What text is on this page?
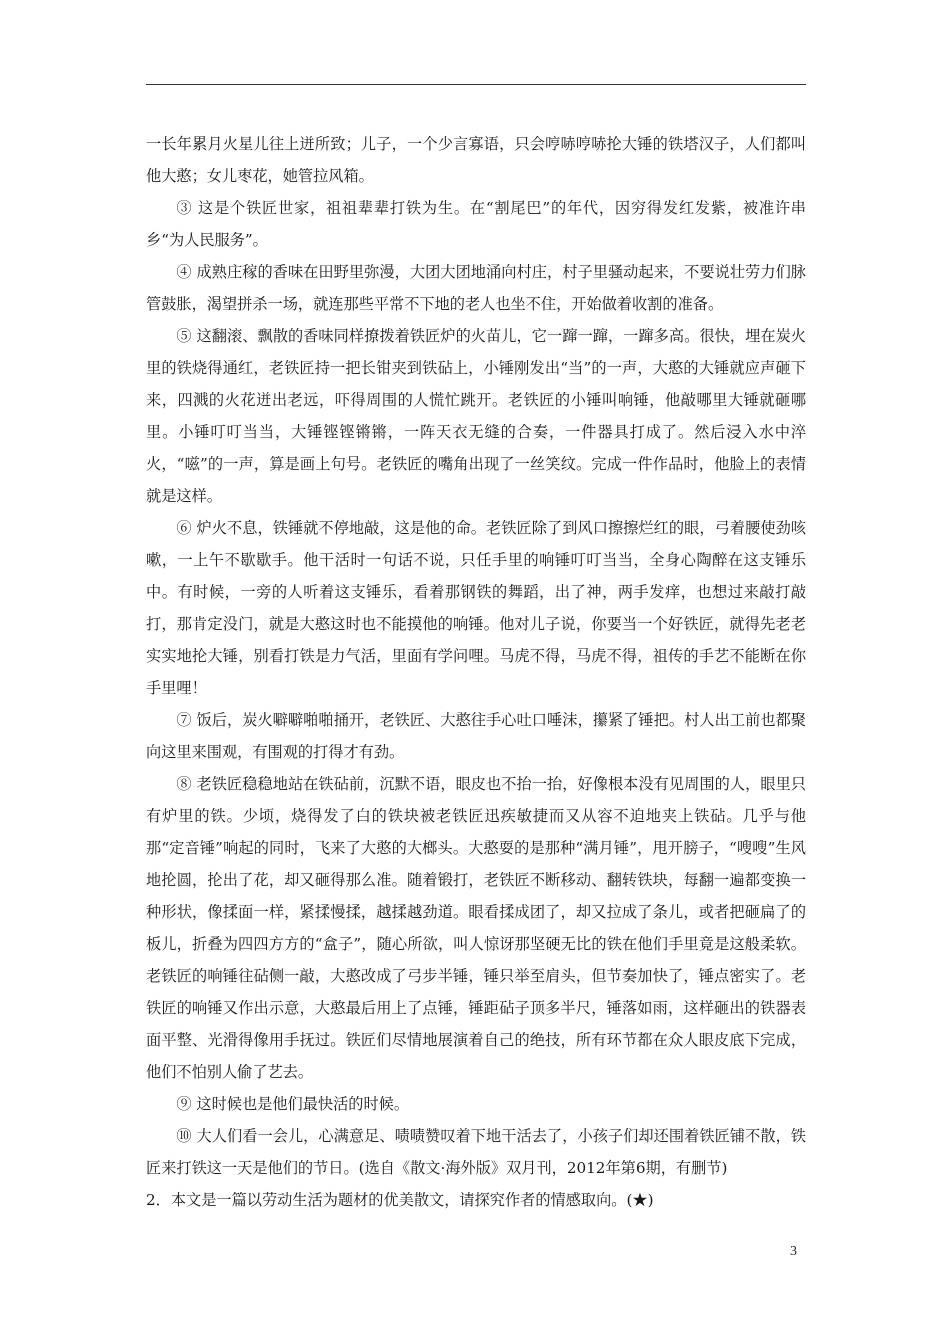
一长年累月火星儿往上迸所致；儿子，一个少言寡语，只会哼哧哼哧抡大锤的铁塔汉子，人们都叫他大憨；女儿枣花，她管拉风箱。

③ 这是个铁匠世家，祖祖辈辈打铁为生。在“割尾巴”的年代，因穷得发红发紫，被准许串乡“为人民服务”。

④ 成熟庄稼的香味在田野里弥漫，大团大团地涌向村庄，村子里骚动起来，不要说壮劳力们脉管鼓胀，渴望拼杀一场，就连那些平常不下地的老人也坐不住，开始做着收割的准备。

⑤ 这翻滚、飘散的香味同样撩拨着铁匠炉的火苗儿，它一蹿一蹿，一蹿多高。很快，埋在炭火里的铁烧得通红，老铁匠持一把长钳夹到铁砧上，小锤刚发出“当”的一声，大憨的大锤就应声砸下来，四溅的火花迸出老远，吓得周围的人慌忙跳开。老铁匠的小锤叫响锤，他敲哪里大锤就砸哪里。小锤叮叮当当，大锤铿铿锵锵，一阵天衣无缝的合奏，一件器具打成了。然后浸入水中淬火，“嗞”的一声，算是画上句号。老铁匠的嘴角出现了一丝笑纹。完成一件作品时，他脸上的表情就是这样。

⑥ 炉火不息，铁锤就不停地敲，这是他的命。老铁匠除了到风口擦擦烂红的眼，弓着腰使劲咳嗽，一上午不歇歇手。他干活时一句话不说，只任手里的响锤叮叮当当，全身心陶醉在这支锤乐中。有时候，一旁的人听着这支锤乐，看着那钢铁的舞蹈，出了神，两手发痒，也想过来敲打敲打，那肯定没门，就是大憨这时也不能摸他的响锤。他对儿子说，你要当一个好铁匠，就得先老老实实地抡大锤，别看打铁是力气活，里面有学问哩。马虎不得，马虎不得，祖传的手艺不能断在你手里哩！

⑦ 饭后，炭火噼噼啪啪捅开，老铁匠、大憨往手心吐口唾沫，攥紧了锤把。村人出工前也都聚向这里来围观，有围观的打得才有劲。

⑧ 老铁匠稳稳地站在铁砧前，沉默不语，眼皮也不抬一抬，好像根本没有见周围的人，眼里只有炉里的铁。少顷，烧得发了白的铁块被老铁匠迅疾敏捷而又从容不迫地夹上铁砧。几乎与他那“定音锤”响起的同时，飞来了大憨的大榔头。大憨耍的是那种“满月锤”，甩开膀子，“嗖嗖”生风地抡圆，抡出了花，却又砸得那么准。随着锻打，老铁匠不断移动、翻转铁块，每翻一遍都变换一种形状，像揉面一样，紧揉慢揉，越揉越劲道。眼看揉成团了，却又拉成了条儿，或者把砸扁了的板儿，折叠为四四方方的“盒子”，随心所欲，叫人惊讶那坚硬无比的铁在他们手里竟是这般柔软。老铁匠的响锤往砧侧一敲，大憨改成了弓步半锤，锤只举至肩头，但节奏加快了，锤点密实了。老铁匠的响锤又作出示意，大憨最后用上了点锤，锤距砧子顶多半尺，锤落如雨，这样砸出的铁器表面平整、光滑得像用手抚过。铁匠们尽情地展演着自己的绝技，所有环节都在众人眼皮底下完成，他们不怕别人偷了艺去。

⑨ 这时候也是他们最快活的时候。

⑩ 大人们看一会儿，心满意足、啧啧赞叹着下地干活去了，小孩子们却还围着铁匠铺不散，铁匠来打铁这一天是他们的节日。(选自《散文·海外版》双月刊，2012年第6期，有删节)

2．本文是一篇以劳动生活为题材的优美散文，请探究作者的情感取向。(★)

3
